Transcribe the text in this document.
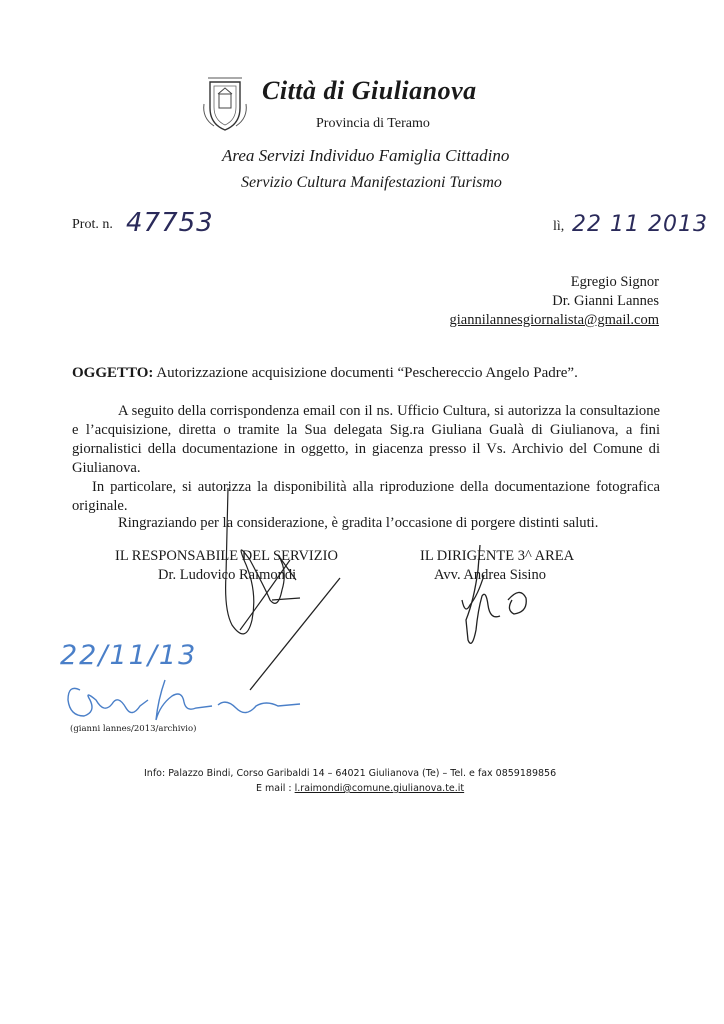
Città di Giulianova
Provincia di Teramo
Area Servizi Individuo Famiglia Cittadino
Servizio Cultura Manifestazioni Turismo
Prot. n. 47753	lì, 22 11 2013
Egregio Signor
Dr. Gianni Lannes
giannilannesgiornalista@gmail.com
OGGETTO: Autorizzazione acquisizione documenti “Peschereccio Angelo Padre”.
A seguito della corrispondenza email con il ns. Ufficio Cultura, si autorizza la consultazione e l’acquisizione, diretta o tramite la Sua delegata Sig.ra Giuliana Gualà di Giulianova, a fini giornalistici della documentazione in oggetto, in giacenza presso il Vs. Archivio del Comune di Giulianova.
In particolare, si autorizza la disponibilità alla riproduzione della documentazione fotografica originale.
Ringraziando per la considerazione, è gradita l’occasione di porgere distinti saluti.
IL RESPONSABILE DEL SERVIZIO
Dr. Ludovico Raimondi
IL DIRIGENTE 3^ AREA
Avv. Andrea Sisino
22/11/13
(gianni lannes/2013/archivio)
Info: Palazzo Bindi, Corso Garibaldi 14 – 64021 Giulianova (Te) – Tel. e fax 0859189856
E mail : l.raimondi@comune.giulianova.te.it
